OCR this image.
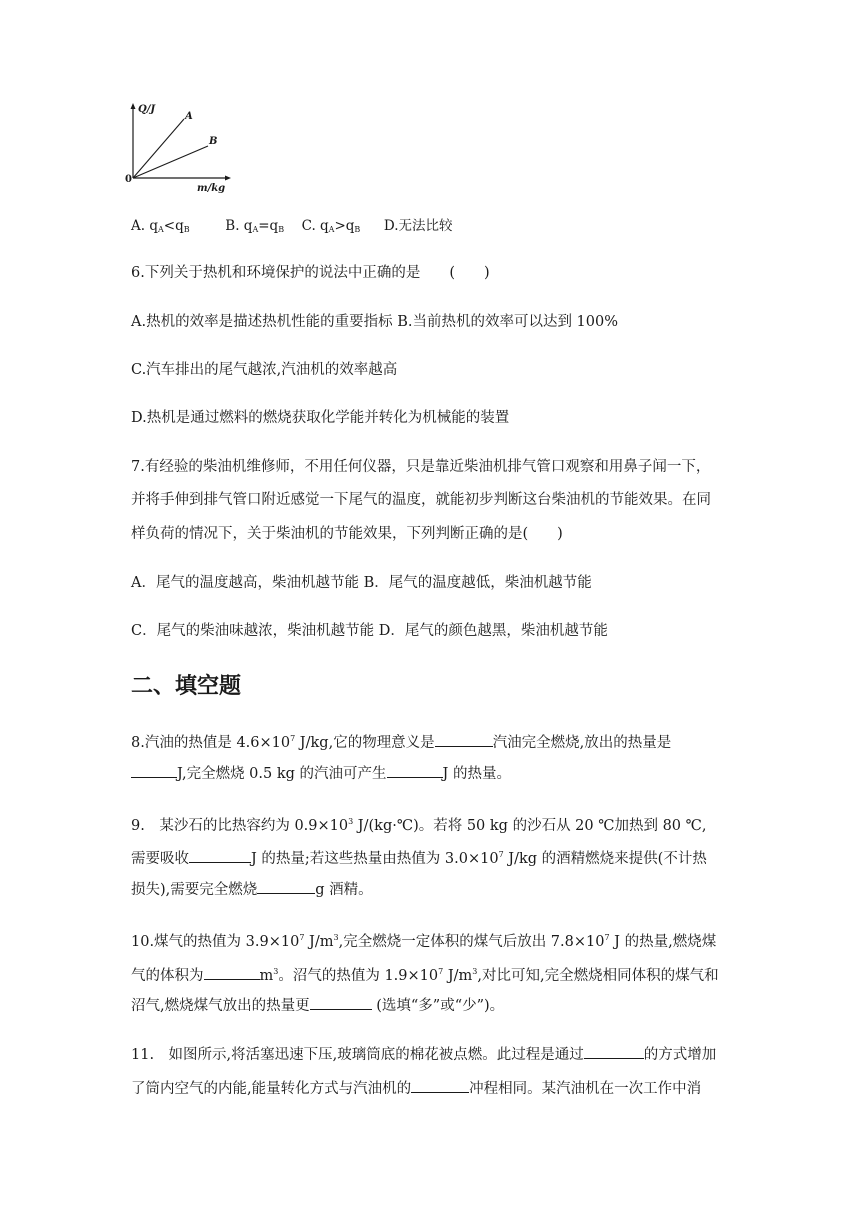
Q/J
A
B
0
m/kg
A. $q_A<q_B$	B. $q_A=q_B$ C. $q_A>q_B$ D.无法比较
6.下列关于热机和环境保护的说法中正确的是　　(　　)
A.热机的效率是描述热机性能的重要指标 B.当前热机的效率可以达到 100%
C.汽车排出的尾气越浓,汽油机的效率越高
D.热机是通过燃料的燃烧获取化学能并转化为机械能的装置
7.有经验的柴油机维修师，不用任何仪器，只是靠近柴油机排气管口观察和用鼻子闻一下，
并将手伸到排气管口附近感觉一下尾气的温度，就能初步判断这台柴油机的节能效果。在同
样负荷的情况下，关于柴油机的节能效果，下列判断正确的是(　　)
A．尾气的温度越高，柴油机越节能 B．尾气的温度越低，柴油机越节能
C．尾气的柴油味越浓，柴油机越节能 D．尾气的颜色越黑，柴油机越节能
二、填空题
8.汽油的热值是 $4.6\times 10^7$ J/kg,它的物理意义是	汽油完全燃烧,放出的热量是
J,完全燃烧 0.5 kg 的汽油可产生	J 的热量。
9.　某沙石的比热容约为 $0.9\times 10^3$ J/(kg·℃)。若将 50 kg 的沙石从 20 ℃加热到 80 ℃,
需要吸收	J 的热量;若这些热量由热值为 $3.0\times 10^7$ J/kg 的酒精燃烧来提供(不计热
损失),需要完全燃烧	g 酒精。
10.煤气的热值为 $3.9\times 10^7$ $J/m^3$,完全燃烧一定体积的煤气后放出 $7.8\times 10^7$ J 的热量,燃烧煤
气的体积为	$m^3$。沼气的热值为 $1.9\times 10^7$ $J/m^3$,对比可知,完全燃烧相同体积的煤气和
沼气,燃烧煤气放出的热量更	(选填“多”或“少”)。
11.　如图所示,将活塞迅速下压,玻璃筒底的棉花被点燃。此过程是通过	的方式增加
了筒内空气的内能,能量转化方式与汽油机的	冲程相同。某汽油机在一次工作中消
